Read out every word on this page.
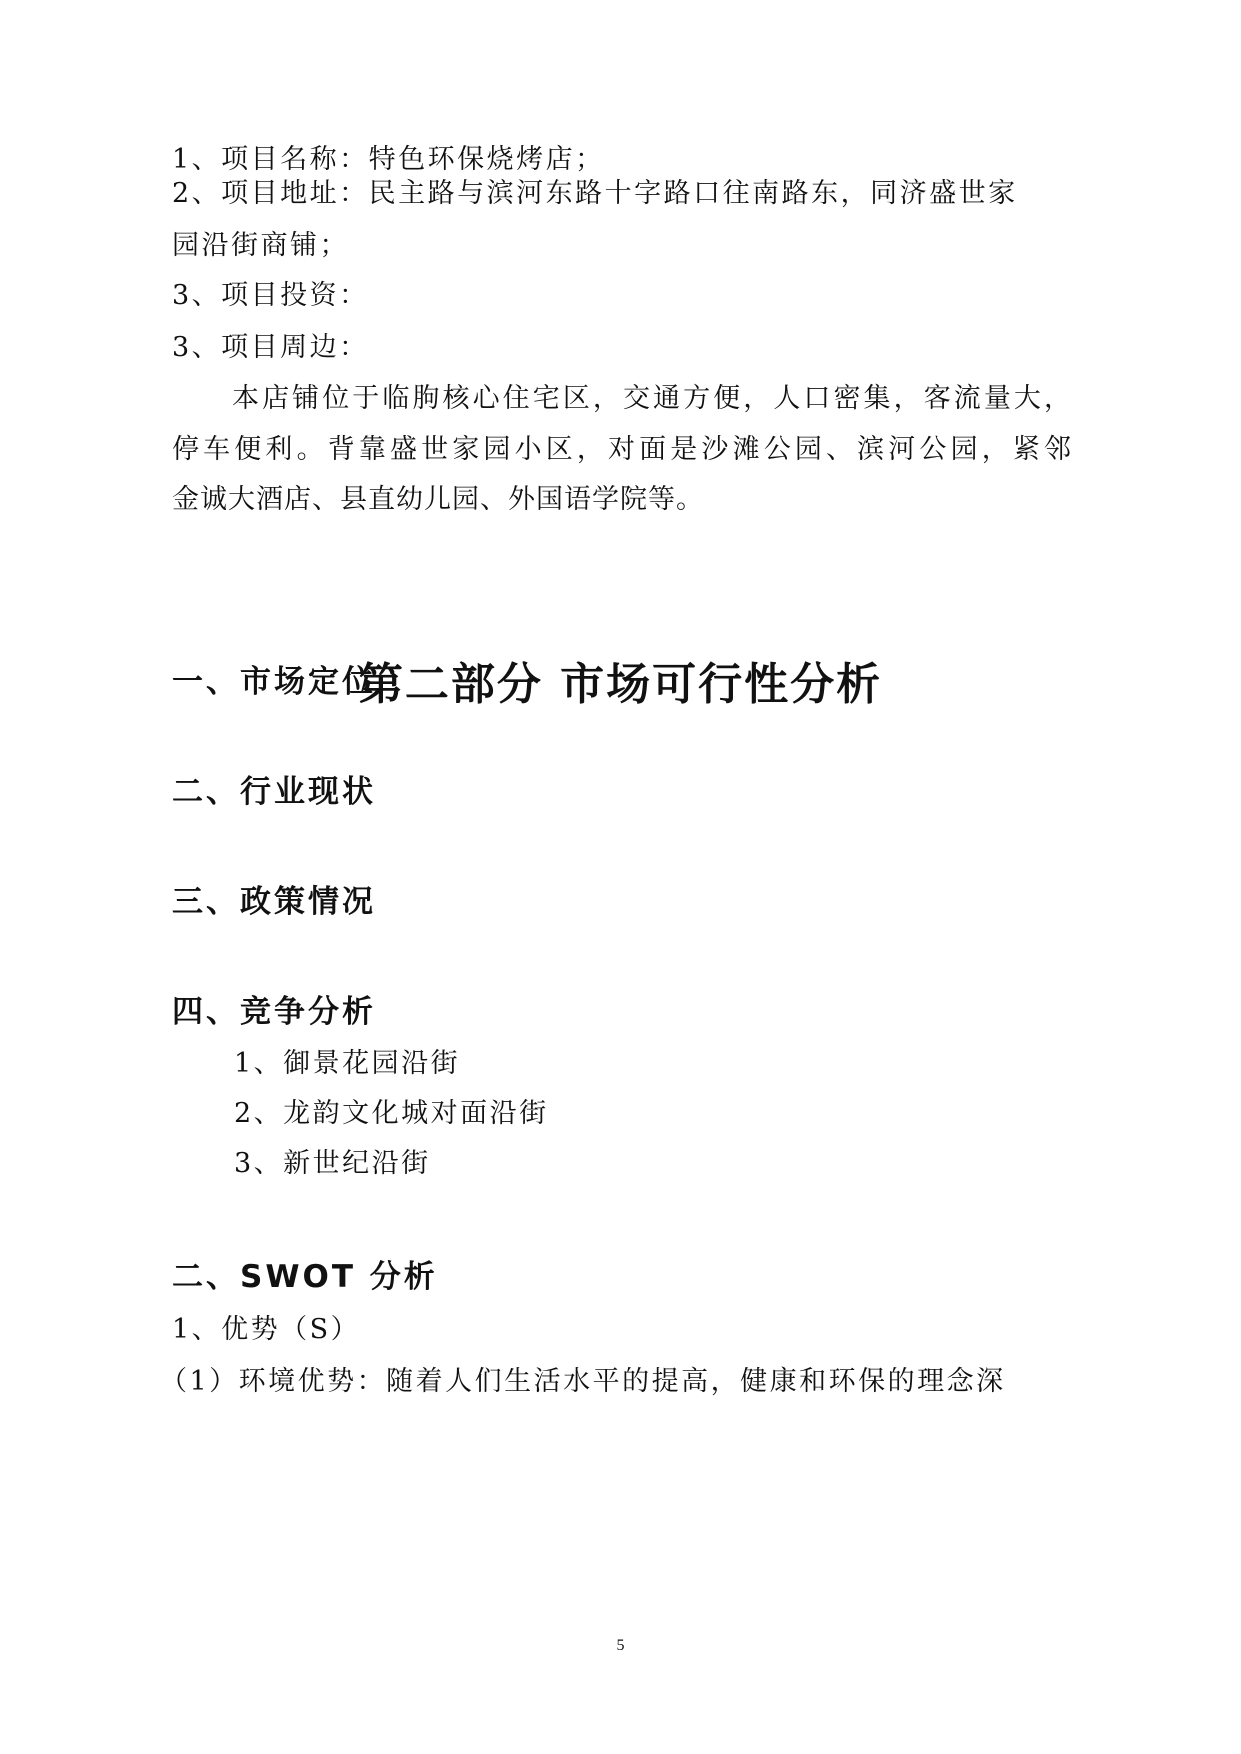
1、项目名称：特色环保烧烤店；
2、项目地址：民主路与滨河东路十字路口往南路东，同济盛世家
园沿街商铺；
3、项目投资：
3、项目周边：
本店铺位于临朐核心住宅区，交通方便，人口密集，客流量大，
停车便利。背靠盛世家园小区，对面是沙滩公园、滨河公园，紧邻
金诚大酒店、县直幼儿园、外国语学院等。
第二部分 市场可行性分析
一、市场定位
二、行业现状
三、政策情况
四、竞争分析
1、御景花园沿街
2、龙韵文化城对面沿街
3、新世纪沿街
二、SWOT 分析
1、优势（S）
（1）环境优势：随着人们生活水平的提高，健康和环保的理念深
5
